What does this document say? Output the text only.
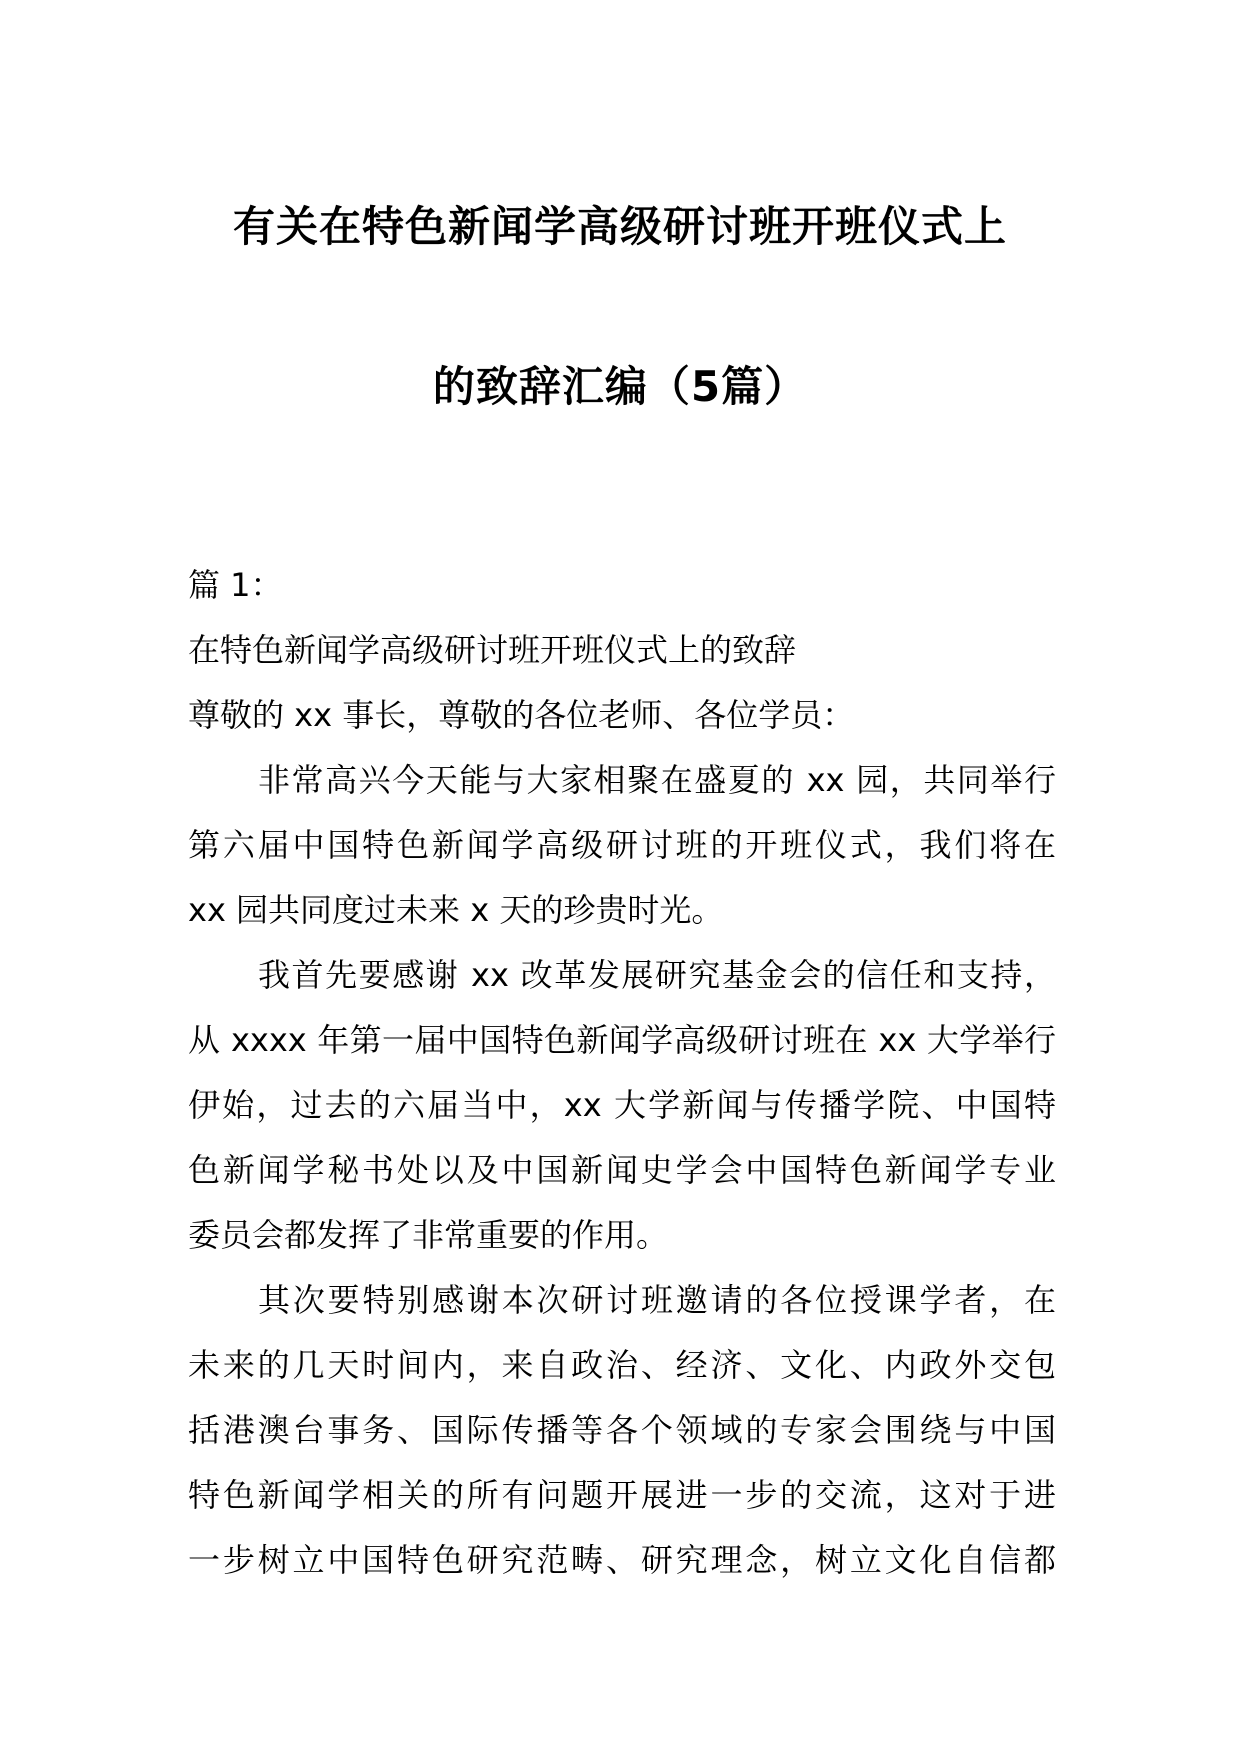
有关在特色新闻学高级研讨班开班仪式上
的致辞汇编（5篇）

篇 1：

在特色新闻学高级研讨班开班仪式上的致辞

尊敬的 xx 事长，尊敬的各位老师、各位学员：

非常高兴今天能与大家相聚在盛夏的 xx 园，共同举行

第六届中国特色新闻学高级研讨班的开班仪式，我们将在

xx 园共同度过未来 x 天的珍贵时光。

我首先要感谢 xx 改革发展研究基金会的信任和支持，

从 xxxx 年第一届中国特色新闻学高级研讨班在 xx 大学举行

伊始，过去的六届当中，xx 大学新闻与传播学院、中国特

色新闻学秘书处以及中国新闻史学会中国特色新闻学专业

委员会都发挥了非常重要的作用。

其次要特别感谢本次研讨班邀请的各位授课学者，在

未来的几天时间内，来自政治、经济、文化、内政外交包

括港澳台事务、国际传播等各个领域的专家会围绕与中国

特色新闻学相关的所有问题开展进一步的交流，这对于进

一步树立中国特色研究范畴、研究理念，树立文化自信都
